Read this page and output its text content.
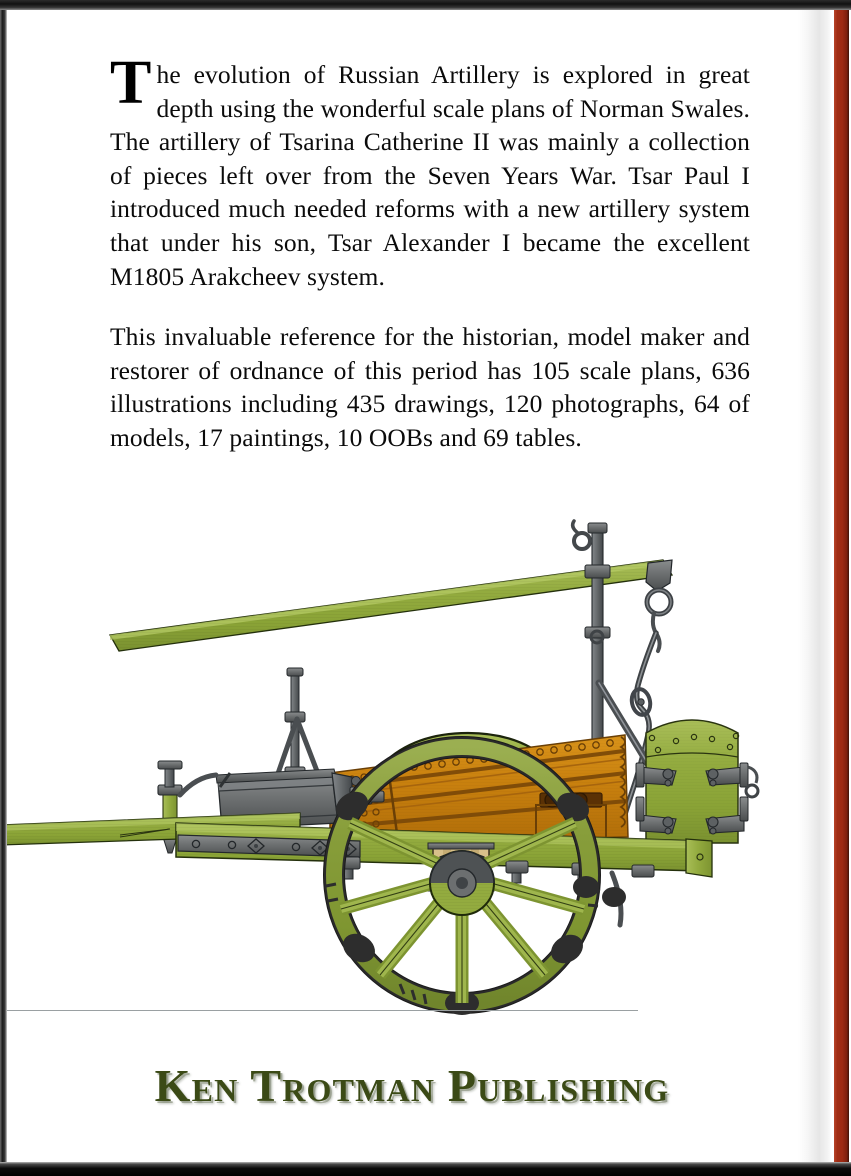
The evolution of Russian Artillery is explored in great depth using the wonderful scale plans of Norman Swales. The artillery of Tsarina Catherine II was mainly a collection of pieces left over from the Seven Years War. Tsar Paul I introduced much needed reforms with a new artillery system that under his son, Tsar Alexander I became the excellent M1805 Arakcheev system.

This invaluable reference for the historian, model maker and restorer of ordnance of this period has 105 scale plans, 636 illustrations including 435 drawings, 120 photographs, 64 of models, 17 paintings, 10 OOBs and 69 tables.

Ken Trotman Publishing
